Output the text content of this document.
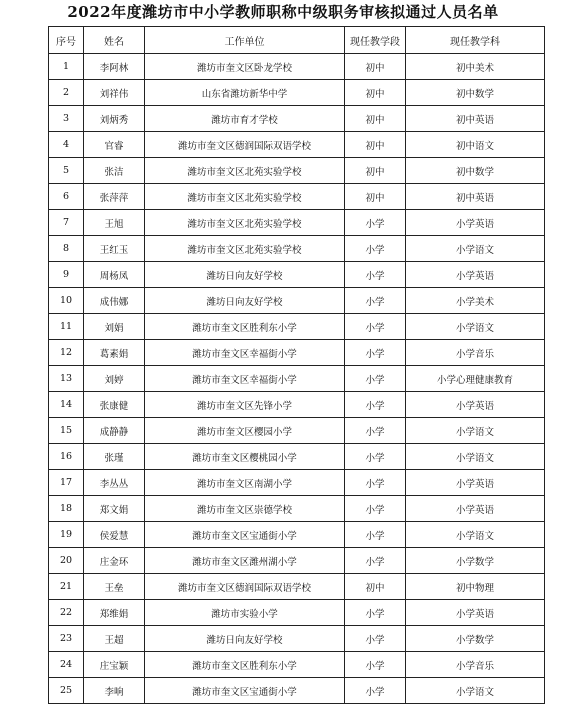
2022年度潍坊市中小学教师职称中级职务审核拟通过人员名单
序号	姓名	工作单位	现任教学段	现任教学科
1	李阿林	潍坊市奎文区卧龙学校	初中	初中美术
2	刘祥伟	山东省潍坊新华中学	初中	初中数学
3	刘炳秀	潍坊市育才学校	初中	初中英语
4	官睿	潍坊市奎文区德润国际双语学校	初中	初中语文
5	张洁	潍坊市奎文区北苑实验学校	初中	初中数学
6	张萍萍	潍坊市奎文区北苑实验学校	初中	初中英语
7	王旭	潍坊市奎文区北苑实验学校	小学	小学英语
8	王红玉	潍坊市奎文区北苑实验学校	小学	小学语文
9	周杨凤	潍坊日向友好学校	小学	小学英语
10	成伟娜	潍坊日向友好学校	小学	小学美术
11	刘娟	潍坊市奎文区胜利东小学	小学	小学语文
12	葛素娟	潍坊市奎文区幸福街小学	小学	小学音乐
13	刘婷	潍坊市奎文区幸福街小学	小学	小学心理健康教育
14	张康健	潍坊市奎文区先锋小学	小学	小学英语
15	成静静	潍坊市奎文区樱园小学	小学	小学语文
16	张瑾	潍坊市奎文区樱桃园小学	小学	小学语文
17	李丛丛	潍坊市奎文区南湖小学	小学	小学英语
18	郑文娟	潍坊市奎文区崇德学校	小学	小学英语
19	侯爱慧	潍坊市奎文区宝通街小学	小学	小学语文
20	庄金环	潍坊市奎文区潍州湖小学	小学	小学数学
21	王垒	潍坊市奎文区德润国际双语学校	初中	初中物理
22	郑维娟	潍坊市实验小学	小学	小学英语
23	王超	潍坊日向友好学校	小学	小学数学
24	庄宝颖	潍坊市奎文区胜利东小学	小学	小学音乐
25	李响	潍坊市奎文区宝通街小学	小学	小学语文
